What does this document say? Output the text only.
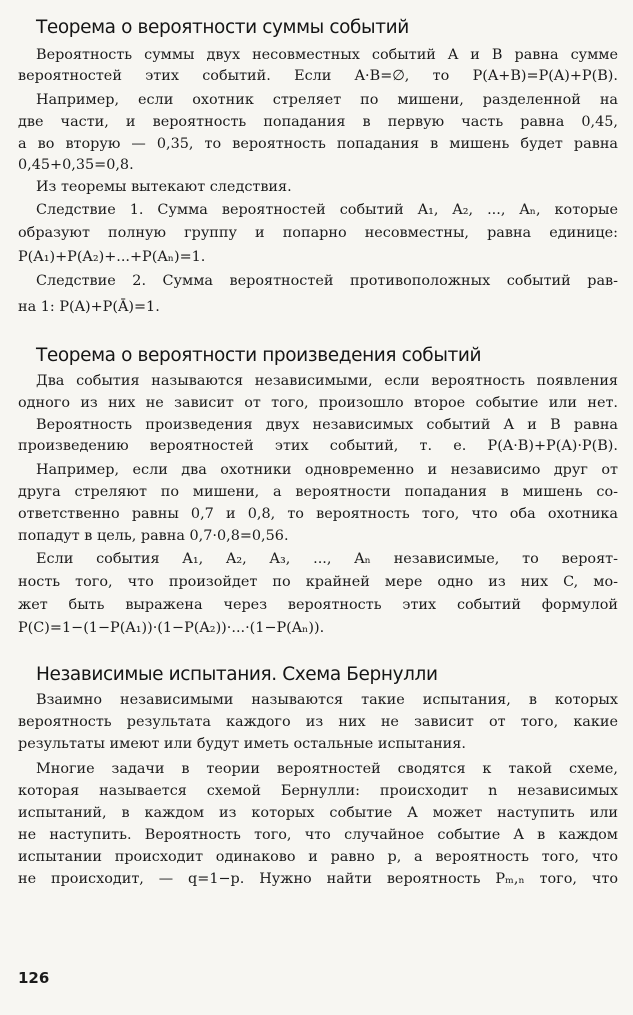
Теорема о вероятности суммы событий
Вероятность суммы двух несовместных событий A и B равна сумме
вероятностей этих событий. Если A·B=∅, то P(A+B)=P(A)+P(B).
Например, если охотник стреляет по мишени, разделенной на
две части, и вероятность попадания в первую часть равна 0,45,
а во вторую — 0,35, то вероятность попадания в мишень будет равна
0,45+0,35=0,8.
Из теоремы вытекают следствия.
Следствие 1. Сумма вероятностей событий A₁, A₂, ..., Aₙ, которые
образуют полную группу и попарно несовместны, равна единице:
P(A₁)+P(A₂)+...+P(Aₙ)=1.
Следствие 2. Сумма вероятностей противоположных событий рав-
на 1: P(A)+P(Ā)=1.
Теорема о вероятности произведения событий
Два события называются независимыми, если вероятность появления
одного из них не зависит от того, произошло второе событие или нет.
Вероятность произведения двух независимых событий A и B равна
произведению вероятностей этих событий, т. е. P(A·B)+P(A)·P(B).
Например, если два охотники одновременно и независимо друг от
друга стреляют по мишени, а вероятности попадания в мишень со-
ответственно равны 0,7 и 0,8, то вероятность того, что оба охотника
попадут в цель, равна 0,7·0,8=0,56.
Если события A₁, A₂, A₃, ..., Aₙ независимые, то вероят-
ность того, что произойдет по крайней мере одно из них C, мо-
жет быть выражена через вероятность этих событий формулой
P(C)=1−(1−P(A₁))·(1−P(A₂))·...·(1−P(Aₙ)).
Независимые испытания. Схема Бернулли
Взаимно независимыми называются такие испытания, в которых
вероятность результата каждого из них не зависит от того, какие
результаты имеют или будут иметь остальные испытания.
Многие задачи в теории вероятностей сводятся к такой схеме,
которая называется схемой Бернулли: происходит n независимых
испытаний, в каждом из которых событие A может наступить или
не наступить. Вероятность того, что случайное событие A в каждом
испытании происходит одинаково и равно p, а вероятность того, что
не происходит, — q=1−p. Нужно найти вероятность Pₘ,ₙ того, что
126
